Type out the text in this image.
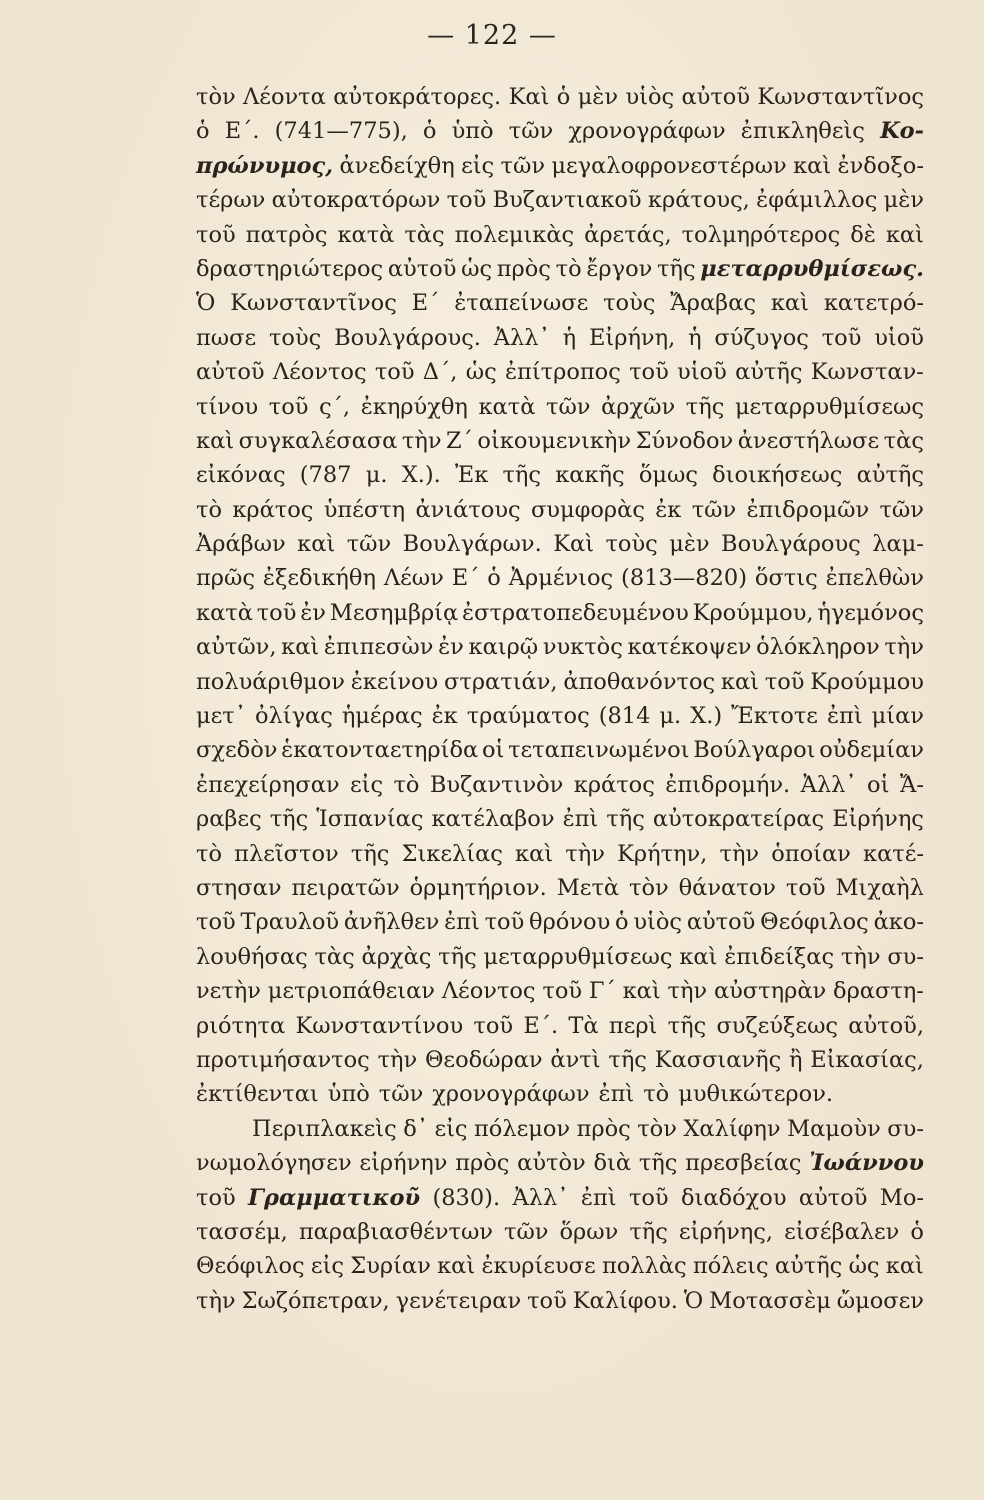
— 122 —
τὸν Λέοντα αὐτοκράτορες. Καὶ ὁ μὲν υἱὸς αὐτοῦ Κωνσταντῖνος
ὁ Ε΄. (741—775), ὁ ὑπὸ τῶν χρονογράφων ἐπικληθεὶς Κο-
πρώνυμος, ἀνεδείχθη εἰς τῶν μεγαλοφρονεστέρων καὶ ἐνδοξο-
τέρων αὐτοκρατόρων τοῦ Βυζαντιακοῦ κράτους, ἐφάμιλλος μὲν
τοῦ πατρὸς κατὰ τὰς πολεμικὰς ἀρετάς, τολμηρότερος δὲ καὶ
δραστηριώτερος αὐτοῦ ὡς πρὸς τὸ ἔργον τῆς μεταρρυθμίσεως.
Ὁ Κωνσταντῖνος Ε΄ ἐταπείνωσε τοὺς Ἄραβας καὶ κατετρό-
πωσε τοὺς Βουλγάρους. Ἀλλ᾽ ἡ Εἰρήνη, ἡ σύζυγος τοῦ υἱοῦ
αὐτοῦ Λέοντος τοῦ Δ΄, ὡς ἐπίτροπος τοῦ υἱοῦ αὐτῆς Κωνσταν-
τίνου τοῦ ς΄, ἐκηρύχθη κατὰ τῶν ἀρχῶν τῆς μεταρρυθμίσεως
καὶ συγκαλέσασα τὴν Ζ΄ οἰκουμενικὴν Σύνοδον ἀνεστήλωσε τὰς
εἰκόνας (787 μ. Χ.). Ἐκ τῆς κακῆς ὅμως διοικήσεως αὐτῆς
τὸ κράτος ὑπέστη ἀνιάτους συμφορὰς ἐκ τῶν ἐπιδρομῶν τῶν
Ἀράβων καὶ τῶν Βουλγάρων. Καὶ τοὺς μὲν Βουλγάρους λαμ-
πρῶς ἐξεδικήθη Λέων Ε΄ ὁ Ἀρμένιος (813—820) ὅστις ἐπελθὼν
κατὰ τοῦ ἐν Μεσημβρίᾳ ἐστρατοπεδευμένου Κρούμμου, ἡγεμόνος
αὐτῶν, καὶ ἐπιπεσὼν ἐν καιρῷ νυκτὸς κατέκοψεν ὁλόκληρον τὴν
πολυάριθμον ἐκείνου στρατιάν, ἀποθανόντος καὶ τοῦ Κρούμμου
μετ᾽ ὀλίγας ἡμέρας ἐκ τραύματος (814 μ. Χ.) Ἔκτοτε ἐπὶ μίαν
σχεδὸν ἑκατονταετηρίδα οἱ τεταπεινωμένοι Βούλγαροι οὐδεμίαν
ἐπεχείρησαν εἰς τὸ Βυζαντινὸν κράτος ἐπιδρομήν. Ἀλλ᾽ οἱ Ἄ-
ραβες τῆς Ἱσπανίας κατέλαβον ἐπὶ τῆς αὐτοκρατείρας Εἰρήνης
τὸ πλεῖστον τῆς Σικελίας καὶ τὴν Κρήτην, τὴν ὁποίαν κατέ-
στησαν πειρατῶν ὁρμητήριον. Μετὰ τὸν θάνατον τοῦ Μιχαὴλ
τοῦ Τραυλοῦ ἀνῆλθεν ἐπὶ τοῦ θρόνου ὁ υἱὸς αὐτοῦ Θεόφιλος ἀκο-
λουθήσας τὰς ἀρχὰς τῆς μεταρρυθμίσεως καὶ ἐπιδείξας τὴν συ-
νετὴν μετριοπάθειαν Λέοντος τοῦ Γ΄ καὶ τὴν αὐστηρὰν δραστη-
ριότητα Κωνσταντίνου τοῦ Ε΄. Τὰ περὶ τῆς συζεύξεως αὐτοῦ,
προτιμήσαντος τὴν Θεοδώραν ἀντὶ τῆς Κασσιανῆς ἢ Εἰκασίας,
ἐκτίθενται ὑπὸ τῶν χρονογράφων ἐπὶ τὸ μυθικώτερον.
Περιπλακεὶς δ᾽ εἰς πόλεμον πρὸς τὸν Χαλίφην Μαμοὺν συ-
νωμολόγησεν εἰρήνην πρὸς αὐτὸν διὰ τῆς πρεσβείας Ἰωάννου
τοῦ Γραμματικοῦ (830). Ἀλλ᾽ ἐπὶ τοῦ διαδόχου αὐτοῦ Μο-
τασσέμ, παραβιασθέντων τῶν ὅρων τῆς εἰρήνης, εἰσέβαλεν ὁ
Θεόφιλος εἰς Συρίαν καὶ ἐκυρίευσε πολλὰς πόλεις αὐτῆς ὡς καὶ
τὴν Σωζόπετραν, γενέτειραν τοῦ Καλίφου. Ὁ Μοτασσὲμ ὤμοσεν
